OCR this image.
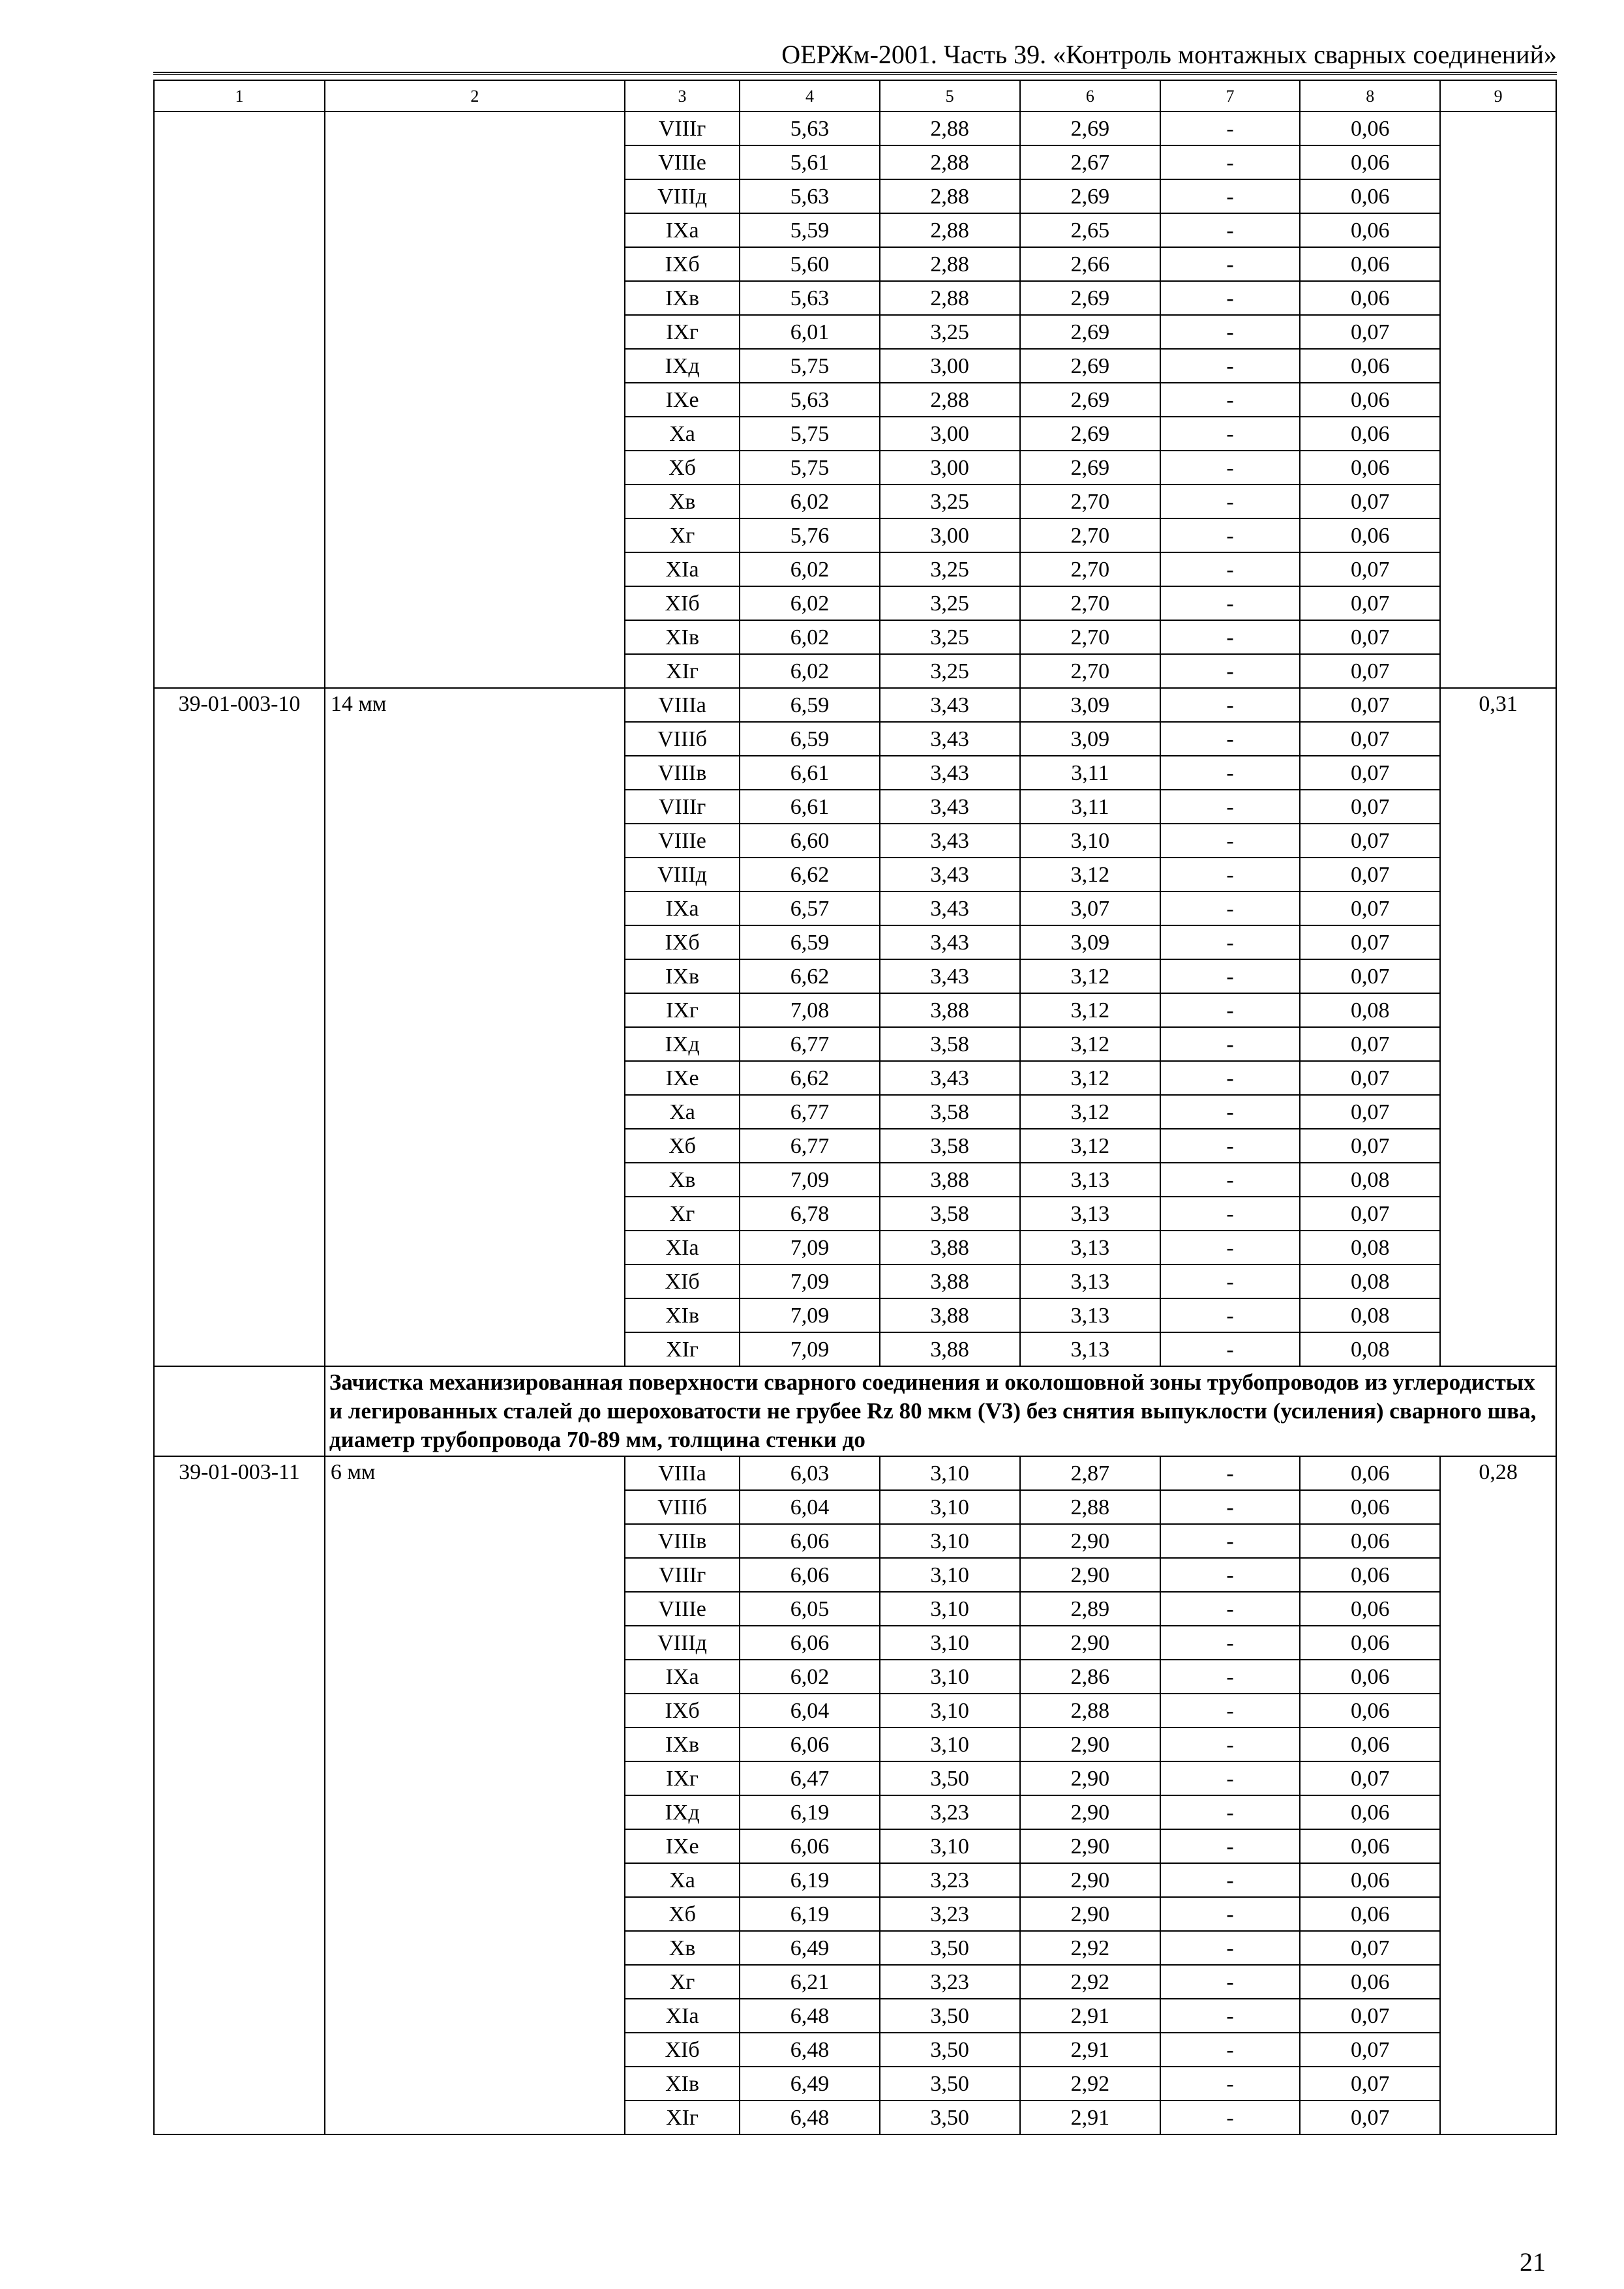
ОЕРЖм-2001. Часть 39. «Контроль монтажных сварных соединений»
1	2	3	4	5	6	7	8	9
		VIIIг	5,63	2,88	2,69	-	0,06	
		VIIIе	5,61	2,88	2,67	-	0,06	
		VIIIд	5,63	2,88	2,69	-	0,06	
		IXа	5,59	2,88	2,65	-	0,06	
		IXб	5,60	2,88	2,66	-	0,06	
		IXв	5,63	2,88	2,69	-	0,06	
		IXг	6,01	3,25	2,69	-	0,07	
		IXд	5,75	3,00	2,69	-	0,06	
		IXе	5,63	2,88	2,69	-	0,06	
		Xа	5,75	3,00	2,69	-	0,06	
		Xб	5,75	3,00	2,69	-	0,06	
		Xв	6,02	3,25	2,70	-	0,07	
		Xг	5,76	3,00	2,70	-	0,06	
		XIа	6,02	3,25	2,70	-	0,07	
		XIб	6,02	3,25	2,70	-	0,07	
		XIв	6,02	3,25	2,70	-	0,07	
		XIг	6,02	3,25	2,70	-	0,07	
39-01-003-10	14 мм	VIIIа	6,59	3,43	3,09	-	0,07	0,31
		VIIIб	6,59	3,43	3,09	-	0,07	
		VIIIв	6,61	3,43	3,11	-	0,07	
		VIIIг	6,61	3,43	3,11	-	0,07	
		VIIIе	6,60	3,43	3,10	-	0,07	
		VIIIд	6,62	3,43	3,12	-	0,07	
		IXа	6,57	3,43	3,07	-	0,07	
		IXб	6,59	3,43	3,09	-	0,07	
		IXв	6,62	3,43	3,12	-	0,07	
		IXг	7,08	3,88	3,12	-	0,08	
		IXд	6,77	3,58	3,12	-	0,07	
		IXе	6,62	3,43	3,12	-	0,07	
		Xа	6,77	3,58	3,12	-	0,07	
		Xб	6,77	3,58	3,12	-	0,07	
		Xв	7,09	3,88	3,13	-	0,08	
		Xг	6,78	3,58	3,13	-	0,07	
		XIа	7,09	3,88	3,13	-	0,08	
		XIб	7,09	3,88	3,13	-	0,08	
		XIв	7,09	3,88	3,13	-	0,08	
		XIг	7,09	3,88	3,13	-	0,08	
	Зачистка механизированная поверхности сварного соединения и околошовной зоны трубопроводов из углеродистых и легированных сталей до шероховатости не грубее Rz 80 мкм (V3) без снятия выпуклости (усиления) сварного шва, диаметр трубопровода 70-89 мм, толщина стенки до							
39-01-003-11	6 мм	VIIIа	6,03	3,10	2,87	-	0,06	0,28
		VIIIб	6,04	3,10	2,88	-	0,06	
		VIIIв	6,06	3,10	2,90	-	0,06	
		VIIIг	6,06	3,10	2,90	-	0,06	
		VIIIе	6,05	3,10	2,89	-	0,06	
		VIIIд	6,06	3,10	2,90	-	0,06	
		IXа	6,02	3,10	2,86	-	0,06	
		IXб	6,04	3,10	2,88	-	0,06	
		IXв	6,06	3,10	2,90	-	0,06	
		IXг	6,47	3,50	2,90	-	0,07	
		IXд	6,19	3,23	2,90	-	0,06	
		IXе	6,06	3,10	2,90	-	0,06	
		Xа	6,19	3,23	2,90	-	0,06	
		Xб	6,19	3,23	2,90	-	0,06	
		Xв	6,49	3,50	2,92	-	0,07	
		Xг	6,21	3,23	2,92	-	0,06	
		XIа	6,48	3,50	2,91	-	0,07	
		XIб	6,48	3,50	2,91	-	0,07	
		XIв	6,49	3,50	2,92	-	0,07	
		XIг	6,48	3,50	2,91	-	0,07	
21
